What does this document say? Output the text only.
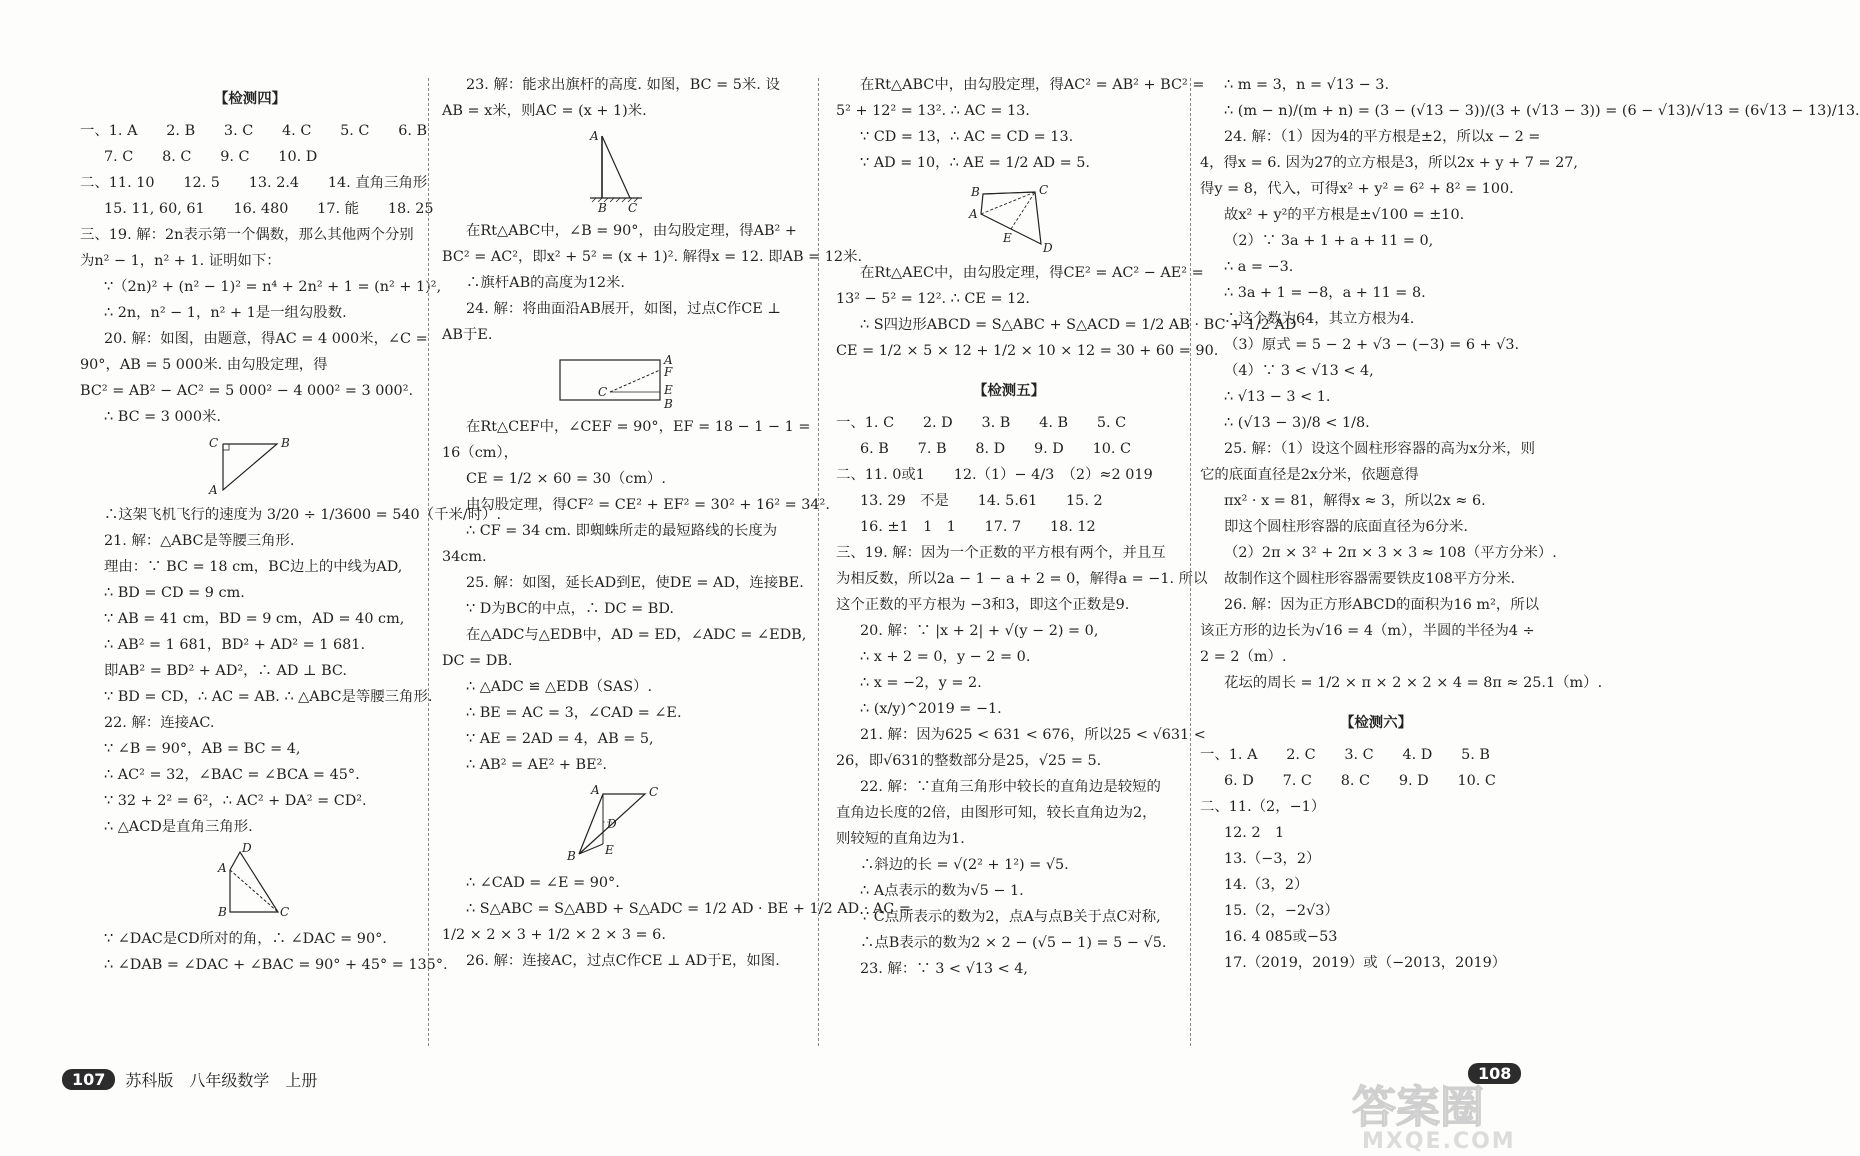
【检测四】
一、1. A　　2. B　　3. C　　4. C　　5. C　　6. B
7. C　　8. C　　9. C　　10. D
二、11. 10　　12. 5　　13. 2.4　　14. 直角三角形
15. 11, 60, 61　　16. 480　　17. 能　　18. 25
三、19. 解：2n表示第一个偶数，那么其他两个分别
为n² − 1，n² + 1. 证明如下：
∵（2n)² + (n² − 1)² = n⁴ + 2n² + 1 = (n² + 1)²,
∴ 2n，n² − 1，n² + 1是一组勾股数.
20. 解：如图，由题意，得AC = 4 000米，∠C =
90°，AB = 5 000米. 由勾股定理，得
BC² = AB² − AC² = 5 000² − 4 000² = 3 000².
∴ BC = 3 000米.
C	B
A
∴这架飞机飞行的速度为 3/20 ÷ 1/3600 = 540（千米/时）.
21. 解：△ABC是等腰三角形.
理由：∵ BC = 18 cm，BC边上的中线为AD,
∴ BD = CD = 9 cm.
∵ AB = 41 cm，BD = 9 cm，AD = 40 cm,
∴ AB² = 1 681，BD² + AD² = 1 681.
即AB² = BD² + AD²，∴ AD ⊥ BC.
∵ BD = CD，∴ AC = AB. ∴ △ABC是等腰三角形.
22. 解：连接AC.
∵ ∠B = 90°，AB = BC = 4,
∴ AC² = 32，∠BAC = ∠BCA = 45°.
∵ 32 + 2² = 6²，∴ AC² + DA² = CD².
∴ △ACD是直角三角形.
D
A
B	C
∵ ∠DAC是CD所对的角，∴ ∠DAC = 90°.
∴ ∠DAB = ∠DAC + ∠BAC = 90° + 45° = 135°.
23. 解：能求出旗杆的高度. 如图，BC = 5米. 设
AB = x米，则AC = (x + 1)米.
A
B C
在Rt△ABC中，∠B = 90°，由勾股定理，得AB² +
BC² = AC²，即x² + 5² = (x + 1)². 解得x = 12. 即AB = 12米.
∴旗杆AB的高度为12米.
24. 解：将曲面沿AB展开，如图，过点C作CE ⊥
AB于E.
A
F
E
C
B
在Rt△CEF中，∠CEF = 90°，EF = 18 − 1 − 1 =
16（cm），
CE = 1/2 × 60 = 30（cm）.
由勾股定理，得CF² = CE² + EF² = 30² + 16² = 34².
∴ CF = 34 cm. 即蜘蛛所走的最短路线的长度为
34cm.
25. 解：如图，延长AD到E，使DE = AD，连接BE.
∵ D为BC的中点，∴ DC = BD.
在△ADC与△EDB中，AD = ED，∠ADC = ∠EDB,
DC = DB.
∴ △ADC ≌ △EDB（SAS）.
∴ BE = AC = 3，∠CAD = ∠E.
∵ AE = 2AD = 4，AB = 5,
∴ AB² = AE² + BE².
A	C
D
B E
∴ ∠CAD = ∠E = 90°.
∴ S△ABC = S△ABD + S△ADC = 1/2 AD · BE + 1/2 AD · AC =
1/2 × 2 × 3 + 1/2 × 2 × 3 = 6.
26. 解：连接AC，过点C作CE ⊥ AD于E，如图.
在Rt△ABC中，由勾股定理，得AC² = AB² + BC² =
5² + 12² = 13². ∴ AC = 13.
∵ CD = 13，∴ AC = CD = 13.
∵ AD = 10，∴ AE = 1/2 AD = 5.
B	C
A
E
D
在Rt△AEC中，由勾股定理，得CE² = AC² − AE² =
13² − 5² = 12². ∴ CE = 12.
∴ S四边形ABCD = S△ABC + S△ACD = 1/2 AB · BC + 1/2 AD ·
CE = 1/2 × 5 × 12 + 1/2 × 10 × 12 = 30 + 60 = 90.
【检测五】
一、1. C　　2. D　　3. B　　4. B　　5. C
6. B　　7. B　　8. D　　9. D　　10. C
二、11. 0或1　　12.（1）− 4/3　（2）≈2 019
13. 29　不是　　14. 5.61　　15. 2
16. ±1　1　1　　17. 7　　18. 12
三、19. 解：因为一个正数的平方根有两个，并且互
为相反数，所以2a − 1 − a + 2 = 0，解得a = −1. 所以
这个正数的平方根为 −3和3，即这个正数是9.
20. 解：∵ |x + 2| + √(y − 2) = 0,
∴ x + 2 = 0，y − 2 = 0.
∴ x = −2，y = 2.
∴ (x/y)^2019 = −1.
21. 解：因为625 < 631 < 676，所以25 < √631 <
26，即√631的整数部分是25，√25 = 5.
22. 解：∵直角三角形中较长的直角边是较短的
直角边长度的2倍，由图形可知，较长直角边为2，
则较短的直角边为1.
∴斜边的长 = √(2² + 1²) = √5.
∴ A点表示的数为√5 − 1.
∵ C点所表示的数为2，点A与点B关于点C对称,
∴点B表示的数为2 × 2 − (√5 − 1) = 5 − √5.
23. 解：∵ 3 < √13 < 4,
∴ m = 3，n = √13 − 3.
∴ (m − n)/(m + n) = (3 − (√13 − 3))/(3 + (√13 − 3)) = (6 − √13)/√13 = (6√13 − 13)/13.
24. 解：（1）因为4的平方根是±2，所以x − 2 =
4，得x = 6. 因为27的立方根是3，所以2x + y + 7 = 27,
得y = 8，代入，可得x² + y² = 6² + 8² = 100.
故x² + y²的平方根是±√100 = ±10.
（2）∵ 3a + 1 + a + 11 = 0,
∴ a = −3.
∴ 3a + 1 = −8，a + 11 = 8.
∴这个数为64，其立方根为4.
（3）原式 = 5 − 2 + √3 − (−3) = 6 + √3.
（4）∵ 3 < √13 < 4,
∴ √13 − 3 < 1.
∴ (√13 − 3)/8 < 1/8.
25. 解：（1）设这个圆柱形容器的高为x分米，则
它的底面直径是2x分米，依题意得
πx² · x = 81，解得x ≈ 3，所以2x ≈ 6.
即这个圆柱形容器的底面直径为6分米.
（2）2π × 3² + 2π × 3 × 3 ≈ 108（平方分米）.
故制作这个圆柱形容器需要铁皮108平方分米.
26. 解：因为正方形ABCD的面积为16 m²，所以
该正方形的边长为√16 = 4（m），半圆的半径为4 ÷
2 = 2（m）.
花坛的周长 = 1/2 × π × 2 × 2 × 4 = 8π ≈ 25.1（m）.
【检测六】
一、1. A　　2. C　　3. C　　4. D　　5. B
6. D　　7. C　　8. C　　9. D　　10. C
二、11.（2，−1）
12. 2　1
13.（−3，2）
14.（3，2）
15.（2，−2√3）
16. 4 085或−53
17.（2019，2019）或（−2013，2019）
107	苏科版　八年级数学　上册	108
答案圈
MXQE.COM
